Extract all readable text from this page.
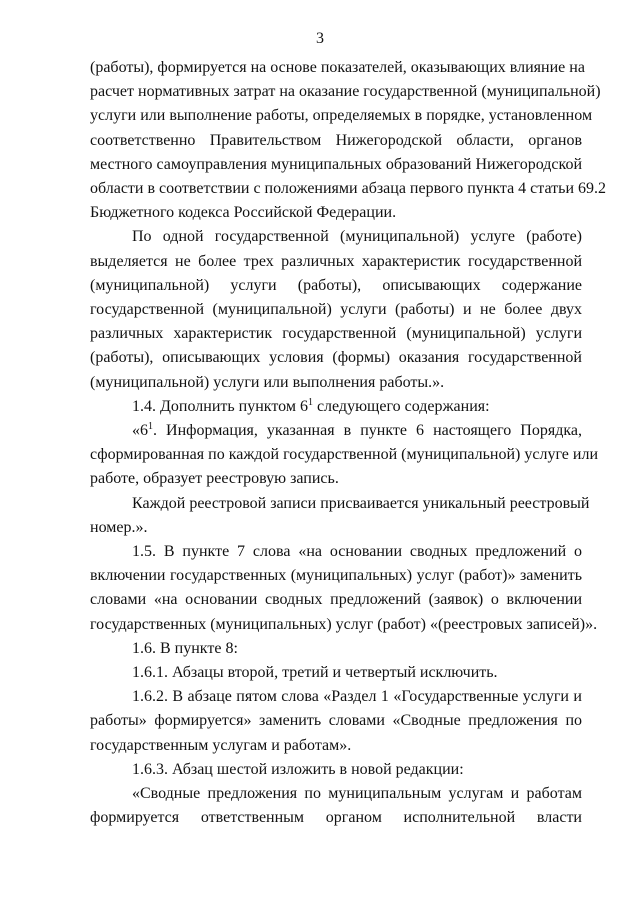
3
(работы), формируется на основе показателей, оказывающих влияние на
расчет нормативных затрат на оказание государственной (муниципальной)
услуги или выполнение работы, определяемых в порядке, установленном
соответственно Правительством Нижегородской области, органов
местного самоуправления муниципальных образований Нижегородской
области в соответствии с положениями абзаца первого пункта 4 статьи 69.2
Бюджетного кодекса Российской Федерации.
По одной государственной (муниципальной) услуге (работе)
выделяется не более трех различных характеристик государственной
(муниципальной) услуги (работы), описывающих содержание
государственной (муниципальной) услуги (работы) и не более двух
различных характеристик государственной (муниципальной) услуги
(работы), описывающих условия (формы) оказания государственной
(муниципальной) услуги или выполнения работы.».
1.4. Дополнить пунктом $6^1$ следующего содержания:
«$6^1$. Информация, указанная в пункте 6 настоящего Порядка,
сформированная по каждой государственной (муниципальной) услуге или
работе, образует реестровую запись.
Каждой реестровой записи присваивается уникальный реестровый
номер.».
1.5. В пункте 7 слова «на основании сводных предложений о
включении государственных (муниципальных) услуг (работ)» заменить
словами «на основании сводных предложений (заявок) о включении
государственных (муниципальных) услуг (работ) «(реестровых записей)».
1.6. В пункте 8:
1.6.1. Абзацы второй, третий и четвертый исключить.
1.6.2. В абзаце пятом слова «Раздел 1 «Государственные услуги и
работы» формируется» заменить словами «Сводные предложения по
государственным услугам и работам».
1.6.3. Абзац шестой изложить в новой редакции:
«Сводные предложения по муниципальным услугам и работам
формируется ответственным органом исполнительной власти
